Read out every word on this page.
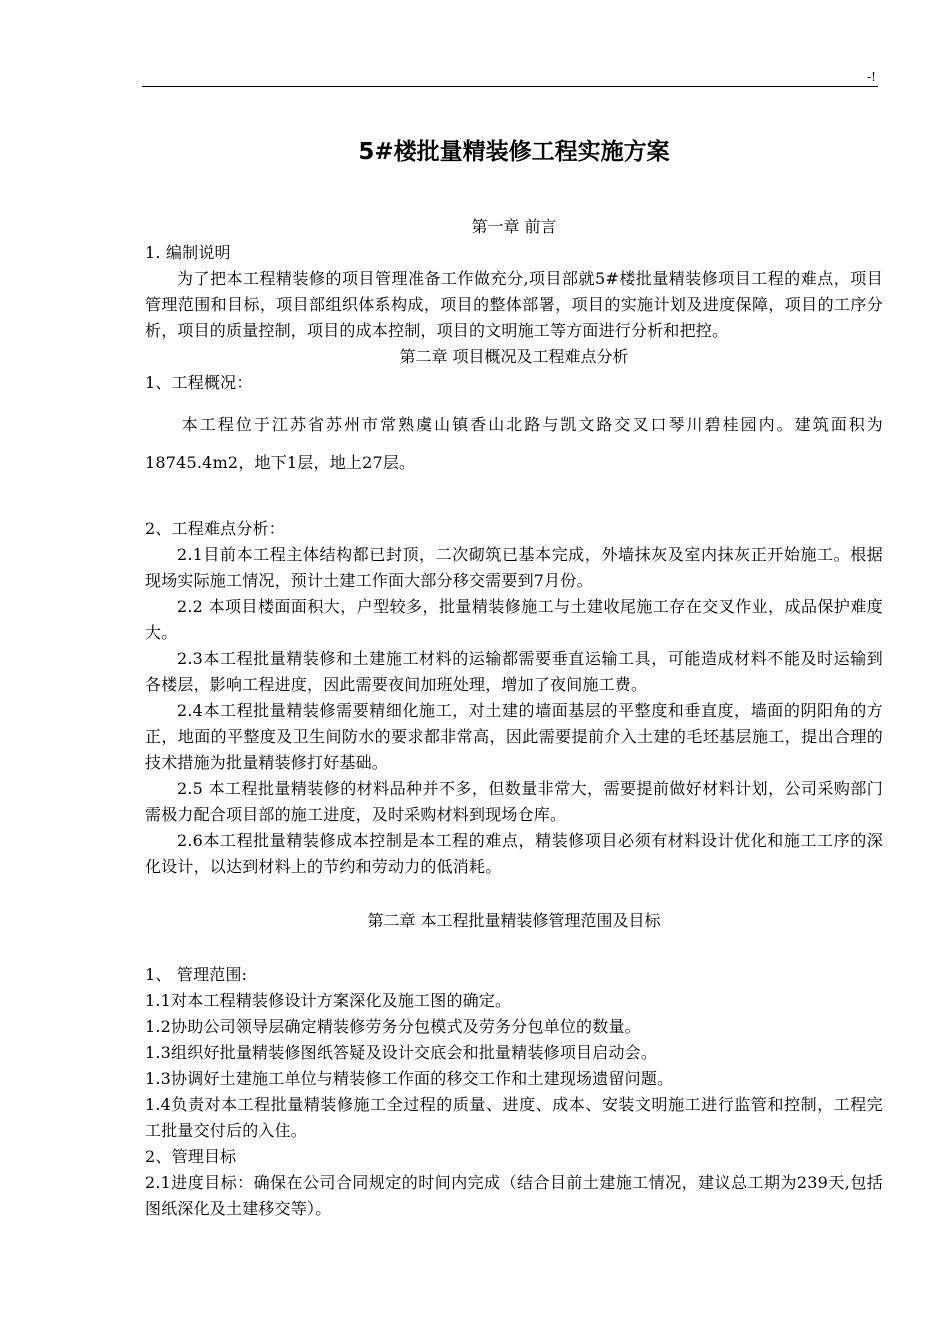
-!
5#楼批量精装修工程实施方案
第一章 前言

1. 编制说明

为了把本工程精装修的项目管理准备工作做充分,项目部就5#楼批量精装修项目工程的难点，项目管理范围和目标，项目部组织体系构成，项目的整体部署，项目的实施计划及进度保障，项目的工序分析，项目的质量控制，项目的成本控制，项目的文明施工等方面进行分析和把控。

第二章 项目概况及工程难点分析

1、工程概况：

本工程位于江苏省苏州市常熟虞山镇香山北路与凯文路交叉口琴川碧桂园内。建筑面积为18745.4m2，地下1层，地上27层。

2、工程难点分析：

2.1目前本工程主体结构都已封顶，二次砌筑已基本完成，外墙抹灰及室内抹灰正开始施工。根据现场实际施工情况，预计土建工作面大部分移交需要到7月份。

2.2 本项目楼面面积大，户型较多，批量精装修施工与土建收尾施工存在交叉作业，成品保护难度大。

2.3本工程批量精装修和土建施工材料的运输都需要垂直运输工具，可能造成材料不能及时运输到各楼层，影响工程进度，因此需要夜间加班处理，增加了夜间施工费。

2.4本工程批量精装修需要精细化施工，对土建的墙面基层的平整度和垂直度，墙面的阴阳角的方正，地面的平整度及卫生间防水的要求都非常高，因此需要提前介入土建的毛坯基层施工，提出合理的技术措施为批量精装修打好基础。

2.5 本工程批量精装修的材料品种并不多，但数量非常大，需要提前做好材料计划，公司采购部门需极力配合项目部的施工进度，及时采购材料到现场仓库。

2.6本工程批量精装修成本控制是本工程的难点，精装修项目必须有材料设计优化和施工工序的深化设计，以达到材料上的节约和劳动力的低消耗。

第二章 本工程批量精装修管理范围及目标

1、 管理范围:

1.1对本工程精装修设计方案深化及施工图的确定。

1.2协助公司领导层确定精装修劳务分包模式及劳务分包单位的数量。

1.3组织好批量精装修图纸答疑及设计交底会和批量精装修项目启动会。

1.3协调好土建施工单位与精装修工作面的移交工作和土建现场遗留问题。

1.4负责对本工程批量精装修施工全过程的质量、进度、成本、安装文明施工进行监管和控制，工程完工批量交付后的入住。

2、管理目标

2.1进度目标：确保在公司合同规定的时间内完成（结合目前土建施工情况，建议总工期为239天,包括图纸深化及土建移交等）。
